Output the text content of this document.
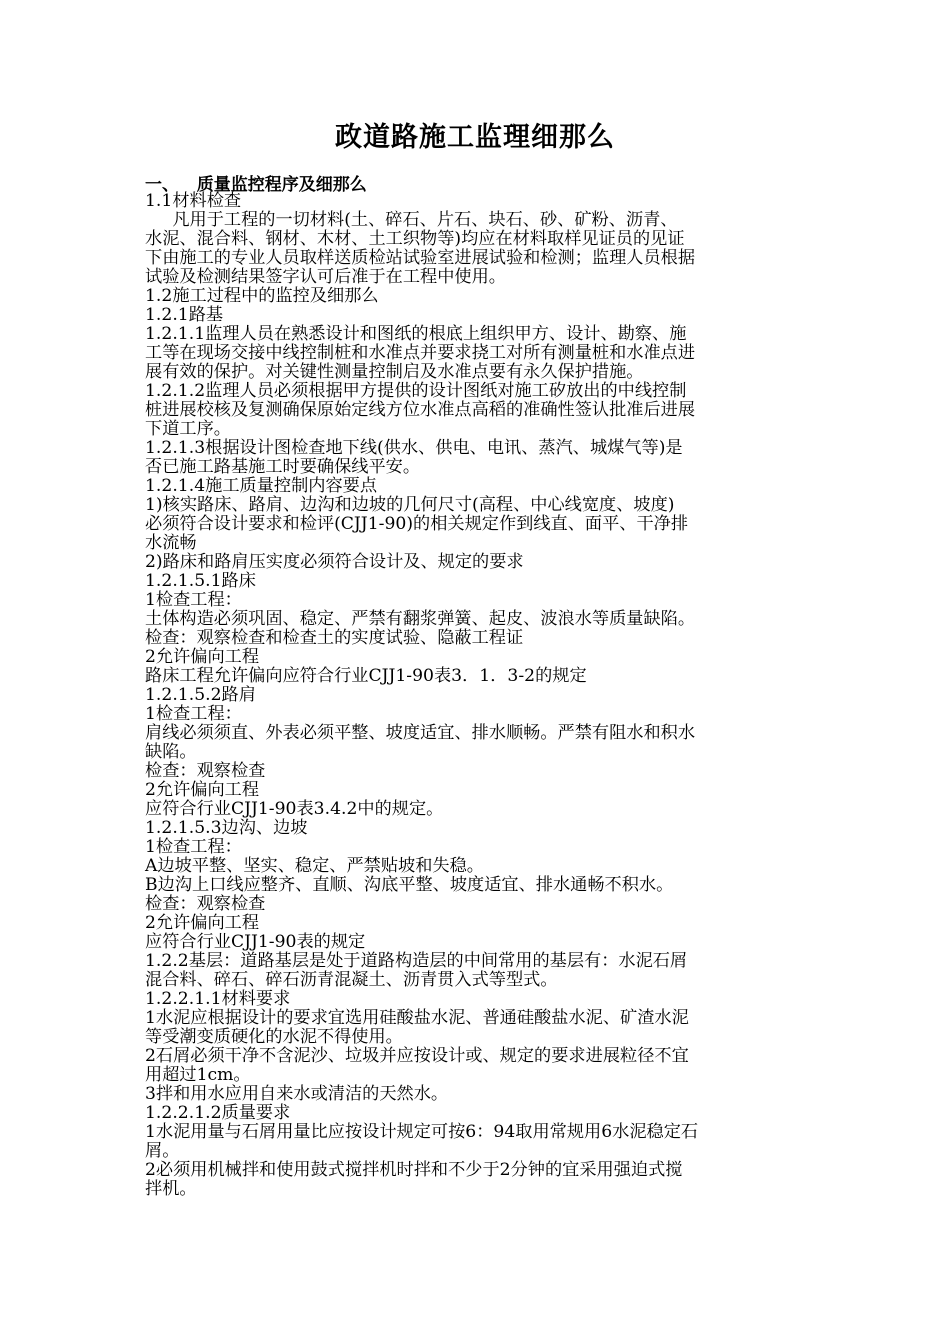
政道路施工监理细那么
一、   质量监控程序及细那么
1.1材料检查
凡用于工程的一切材料(土、碎石、片石、块石、砂、矿粉、沥青、
水泥、混合料、钢材、木材、土工织物等)均应在材料取样见证员的见证
下由施工的专业人员取样送质检站试验室进展试验和检测；监理人员根据
试验及检测结果签字认可后准于在工程中使用。
1.2施工过程中的监控及细那么
1.2.1路基
1.2.1.1监理人员在熟悉设计和图纸的根底上组织甲方、设计、勘察、施
工等在现场交接中线控制桩和水准点并要求挠工对所有测量桩和水准点进
展有效的保护。对关键性测量控制启及水准点要有永久保护措施。
1.2.1.2监理人员必须根据甲方提供的设计图纸对施工矽放出的中线控制
桩进展校核及复测确保原始定线方位水准点高稻的准确性签认批准后进展
下道工序。
1.2.1.3根据设计图检查地下线(供水、供电、电讯、蒸汽、城煤气等)是
否已施工路基施工时要确保线平安。
1.2.1.4施工质量控制内容要点
1)核实路床、路肩、边沟和边坡的几何尺寸(高程、中心线宽度、坡度)
必须符合设计要求和检评(CJJ1-90)的相关规定作到线直、面平、干净排
水流畅
2)路床和路肩压实度必须符合设计及、规定的要求
1.2.1.5.1路床
1检查工程：
土体构造必须巩固、稳定、严禁有翻浆弹簧、起皮、波浪水等质量缺陷。
检查：观察检查和检查土的实度试验、隐蔽工程证
2允许偏向工程
路床工程允许偏向应符合行业CJJ1-90表3．1．3-2的规定
1.2.1.5.2路肩
1检查工程：
肩线必须须直、外表必须平整、坡度适宜、排水顺畅。严禁有阻水和积水
缺陷。
检查：观察检查
2允许偏向工程
应符合行业CJJ1-90表3.4.2中的规定。
1.2.1.5.3边沟、边坡
1检查工程：
A边坡平整、坚实、稳定、严禁贴坡和失稳。
B边沟上口线应整齐、直顺、沟底平整、坡度适宜、排水通畅不积水。
检查：观察检查
2允许偏向工程
应符合行业CJJ1-90表的规定
1.2.2基层：道路基层是处于道路构造层的中间常用的基层有：水泥石屑
混合料、碎石、碎石沥青混凝土、沥青贯入式等型式。
1.2.2.1.1材料要求
1水泥应根据设计的要求宜选用硅酸盐水泥、普通硅酸盐水泥、矿渣水泥
等受潮变质硬化的水泥不得使用。
2石屑必须干净不含泥沙、垃圾并应按设计或、规定的要求进展粒径不宜
用超过1cm。
3拌和用水应用自来水或清洁的天然水。
1.2.2.1.2质量要求
1水泥用量与石屑用量比应按设计规定可按6：94取用常规用6水泥稳定石
屑。
2必须用机械拌和使用鼓式搅拌机时拌和不少于2分钟的宜采用强迫式搅
拌机。
